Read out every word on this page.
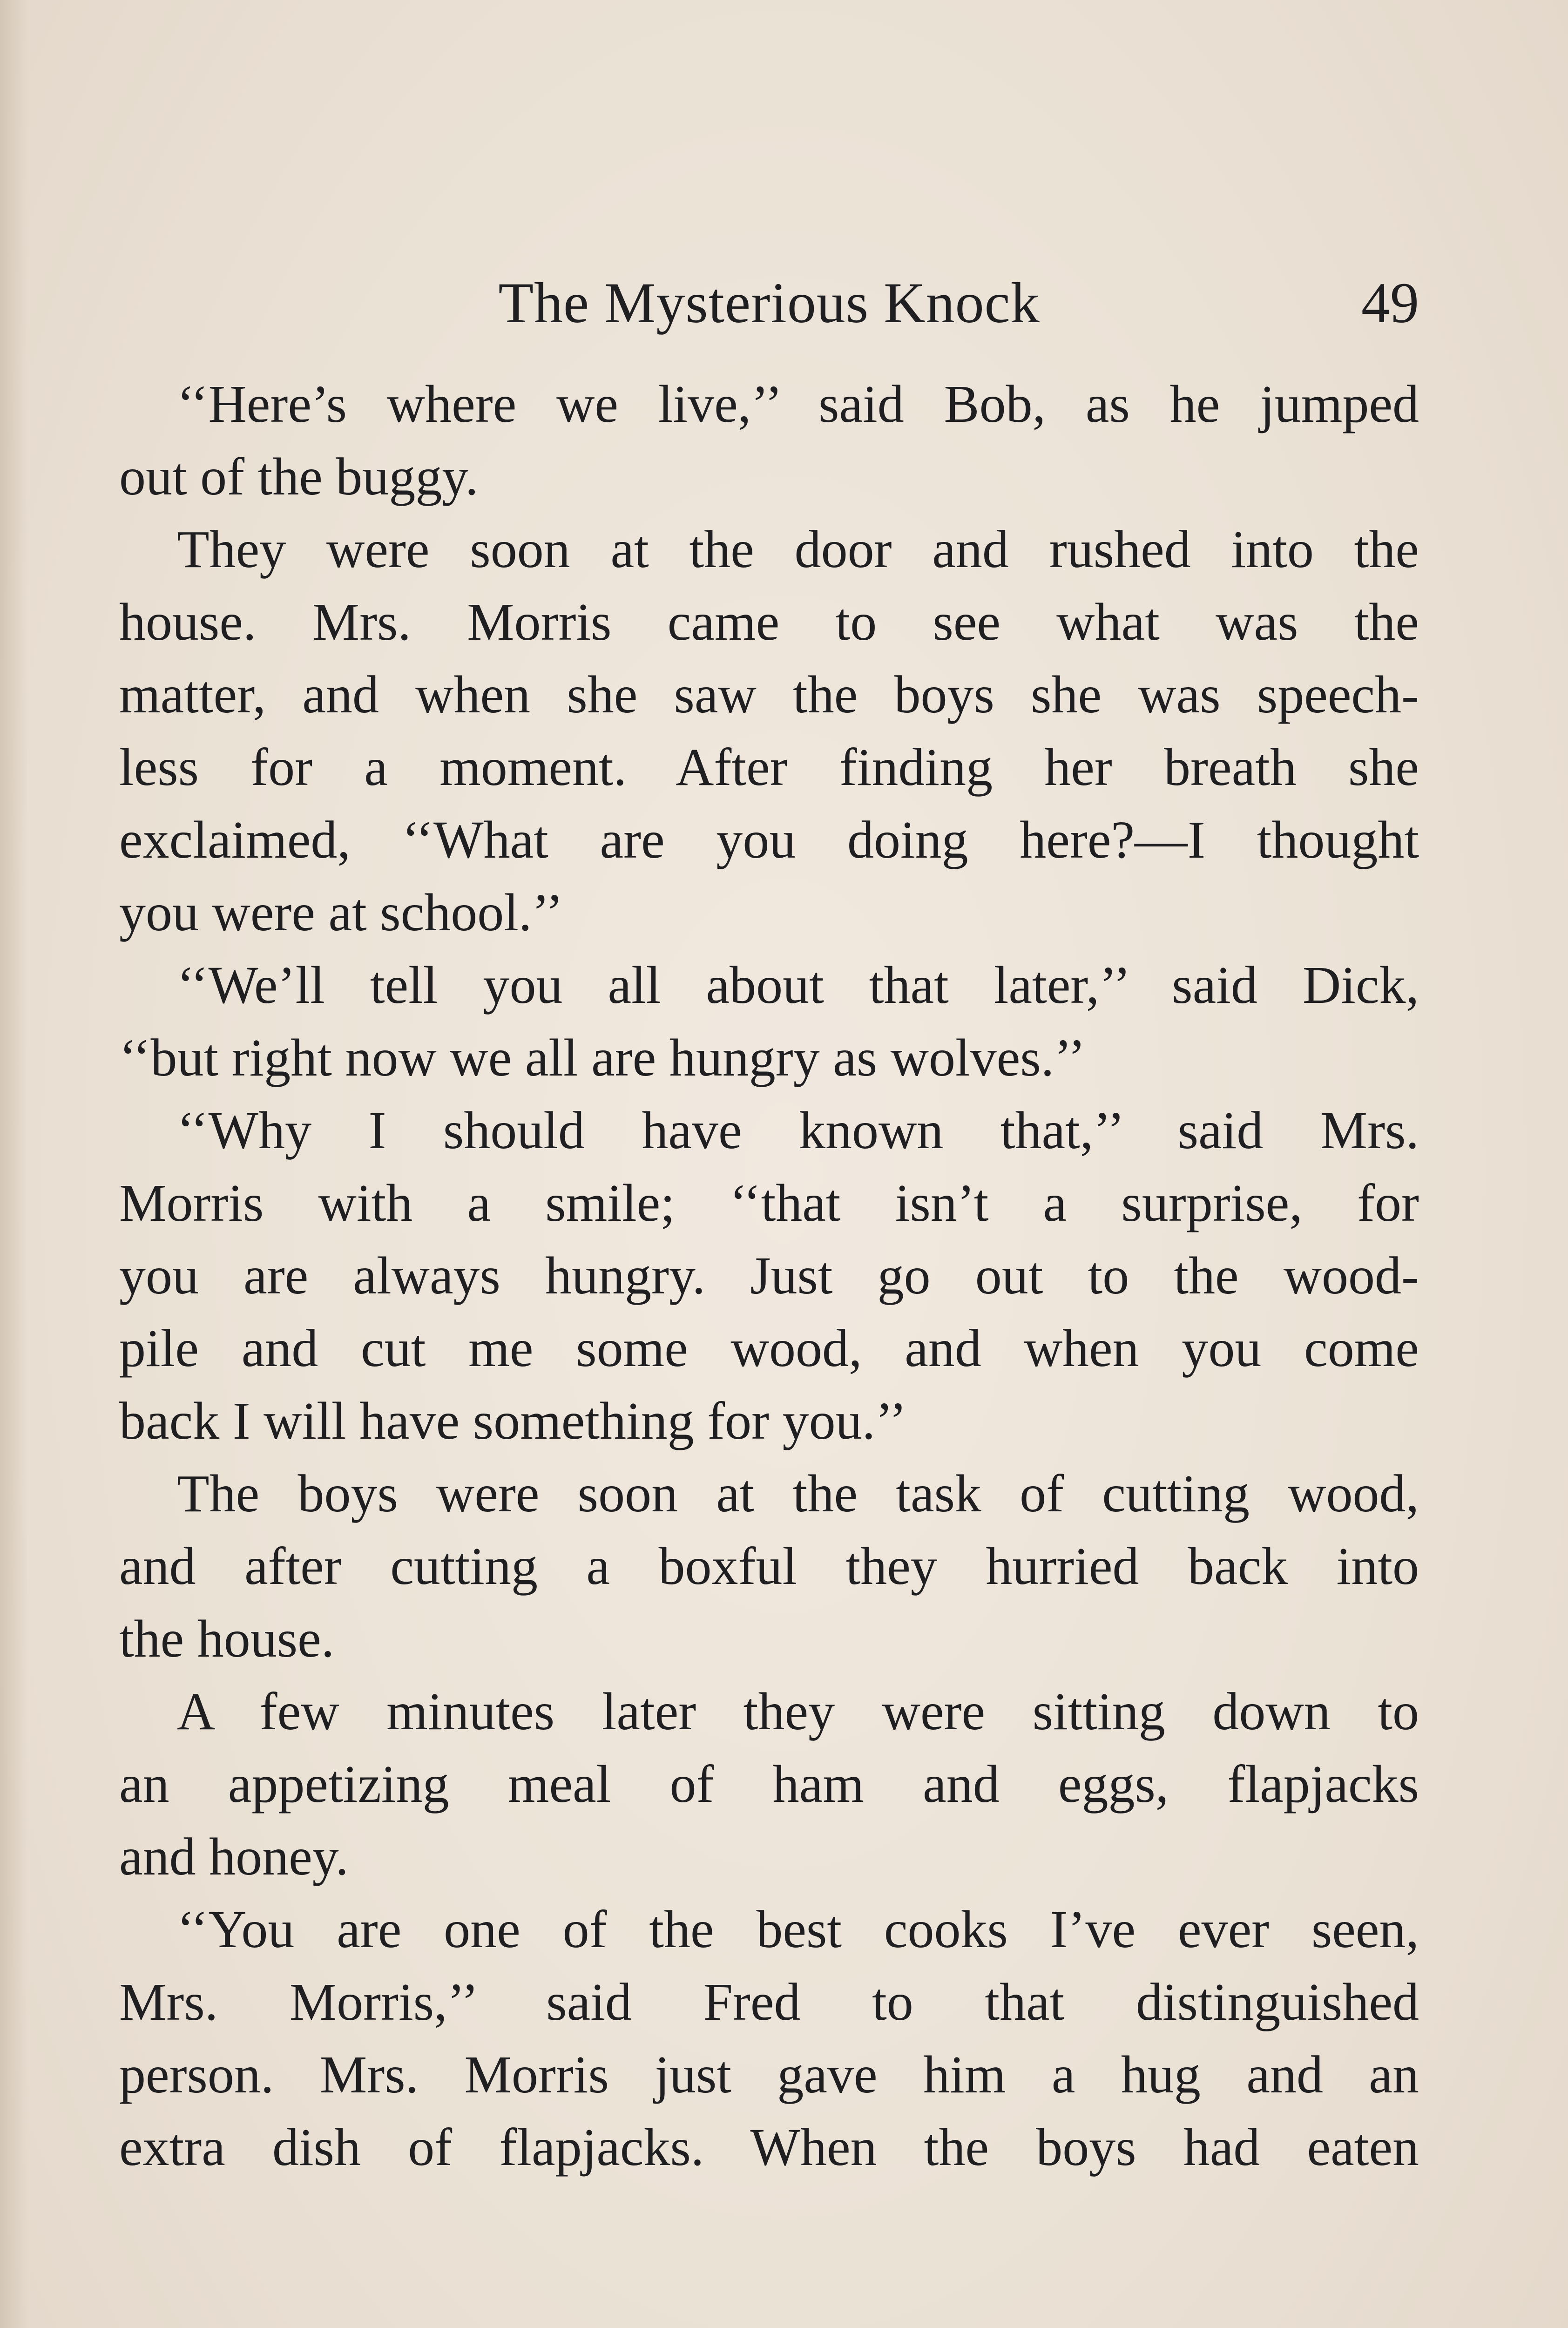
The Mysterious Knock	49
‘‘Here’s where we live,’’ said Bob, as he jumped
out of the buggy.
They were soon at the door and rushed into the
house. Mrs. Morris came to see what was the
matter, and when she saw the boys she was speech-
less for a moment. After finding her breath she
exclaimed, ‘‘What are you doing here?—I thought
you were at school.’’
‘‘We’ll tell you all about that later,’’ said Dick,
‘‘but right now we all are hungry as wolves.’’
‘‘Why I should have known that,’’ said Mrs.
Morris with a smile; ‘‘that isn’t a surprise, for
you are always hungry. Just go out to the wood-
pile and cut me some wood, and when you come
back I will have something for you.’’
The boys were soon at the task of cutting wood,
and after cutting a boxful they hurried back into
the house.
A few minutes later they were sitting down to
an appetizing meal of ham and eggs, flapjacks
and honey.
‘‘You are one of the best cooks I’ve ever seen,
Mrs. Morris,’’ said Fred to that distinguished
person. Mrs. Morris just gave him a hug and an
extra dish of flapjacks. When the boys had eaten
